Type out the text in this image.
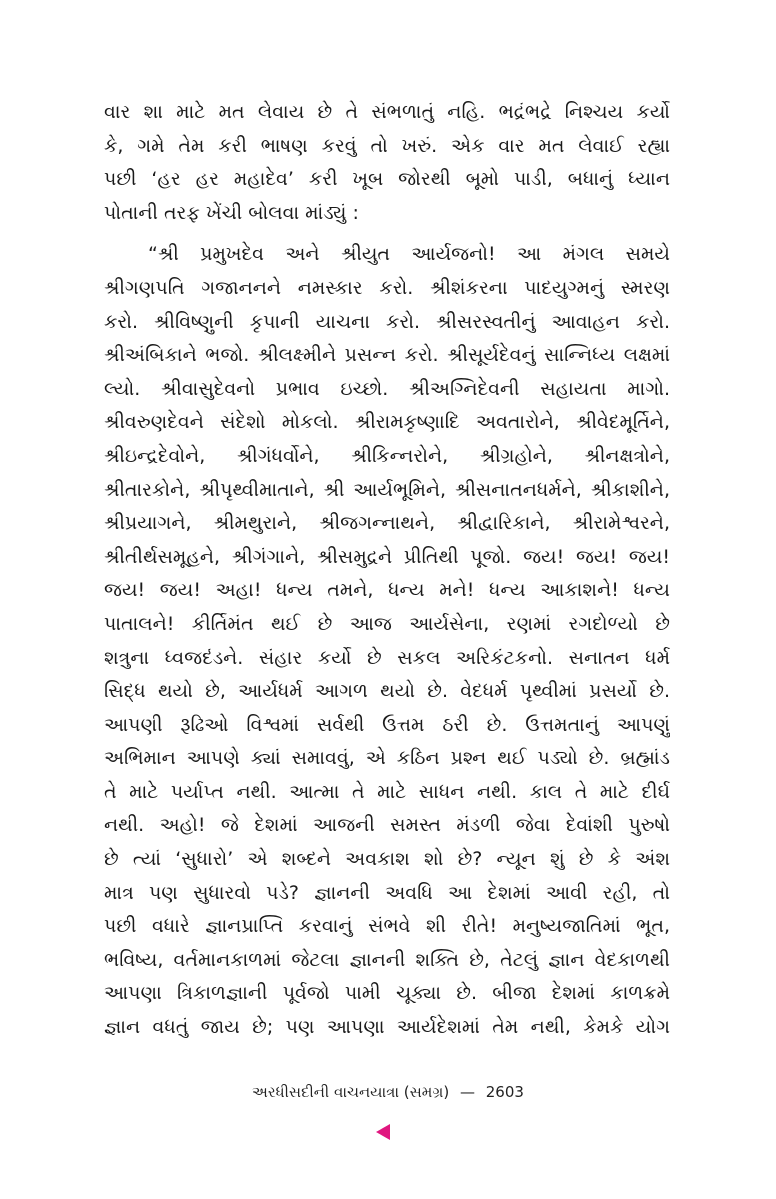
વાર શા માટે મત લેવાય છે તે સંભળાતું નહિ. ભદ્રંભદ્રે નિશ્ચય કર્યો
કે, ગમે તેમ કરી ભાષણ કરવું તો ખરું. એક વાર મત લેવાઈ રહ્યા
પછી ‘હર હર મહાદેવ’ કરી ખૂબ જોરથી બૂમો પાડી, બધાનું ધ્યાન
પોતાની તરફ ખેંચી બોલવા માંડ્યું :
“શ્રી પ્રમુખદેવ અને શ્રીયુત આર્યજનો! આ મંગલ સમયે
શ્રીગણપતિ ગજાનનને નમસ્કાર કરો. શ્રીશંકરના પાદયુગ્મનું સ્મરણ
કરો. શ્રીવિષ્ણુની કૃપાની યાચના કરો. શ્રીસરસ્વતીનું આવાહન કરો.
શ્રીઅંબિકાને ભજો. શ્રીલક્ષ્મીને પ્રસન્ન કરો. શ્રીસૂર્યદેવનું સાન્નિધ્ય લક્ષમાં
લ્યો. શ્રીવાસુદેવનો પ્રભાવ ઇચ્છો. શ્રીઅગ્નિદેવની સહાયતા માગો.
શ્રીવરુણદેવને સંદેશો મોકલો. શ્રીરામકૃષ્ણાદિ અવતારોને, શ્રીવેદમૂર્તિને,
શ્રીઇન્દ્રદેવોને, શ્રીગંધર્વોને, શ્રીકિન્નરોને, શ્રીગ્રહોને, શ્રીનક્ષત્રોને,
શ્રીતારકોને, શ્રીપૃથ્વીમાતાને, શ્રી આર્યભૂમિને, શ્રીસનાતનધર્મને, શ્રીકાશીને,
શ્રીપ્રયાગને, શ્રીમથુરાને, શ્રીજગન્નાથને, શ્રીદ્વારિકાને, શ્રીરામેશ્વરને,
શ્રીતીર્થસમૂહને, શ્રીગંગાને, શ્રીસમુદ્રને પ્રીતિથી પૂજો. જય! જય! જય!
જય! જય! અહા! ધન્ય તમને, ધન્ય મને! ધન્ય આકાશને! ધન્ય
પાતાલને! કીર્તિમંત થઈ છે આજ આર્યસેના, રણમાં રગદોળ્યો છે
શત્રુના ધ્વજદંડને. સંહાર કર્યો છે સકલ અરિકંટકનો. સનાતન ધર્મ
સિદ્ધ થયો છે, આર્યધર્મ આગળ થયો છે. વેદધર્મ પૃથ્વીમાં પ્રસર્યો છે.
આપણી રૂઢિઓ વિશ્વમાં સર્વથી ઉત્તમ ઠરી છે. ઉત્તમતાનું આપણું
અભિમાન આપણે ક્યાં સમાવવું, એ કઠિન પ્રશ્ન થઈ પડ્યો છે. બ્રહ્માંડ
તે માટે પર્યાપ્ત નથી. આત્મા તે માટે સાધન નથી. કાલ તે માટે દીર્ઘ
નથી. અહો! જે દેશમાં આજની સમસ્ત મંડળી જેવા દેવાંશી પુરુષો
છે ત્યાં ‘સુધારો’ એ શબ્દને અવકાશ શો છે? ન્યૂન શું છે કે અંશ
માત્ર પણ સુધારવો પડે? જ્ઞાનની અવધિ આ દેશમાં આવી રહી, તો
પછી વધારે જ્ઞાનપ્રાપ્તિ કરવાનું સંભવે શી રીતે! મનુષ્યજાતિમાં ભૂત,
ભવિષ્ય, વર્તમાનકાળમાં જેટલા જ્ઞાનની શક્તિ છે, તેટલું જ્ઞાન વેદકાળથી
આપણા ત્રિકાળજ્ઞાની પૂર્વજો પામી ચૂક્યા છે. બીજા દેશમાં કાળક્રમે
જ્ઞાન વધતું જાય છે; પણ આપણા આર્યદેશમાં તેમ નથી, કેમકે યોગ
અરધીસદીની વાચનયાત્રા (સમગ્ર) — 2603
